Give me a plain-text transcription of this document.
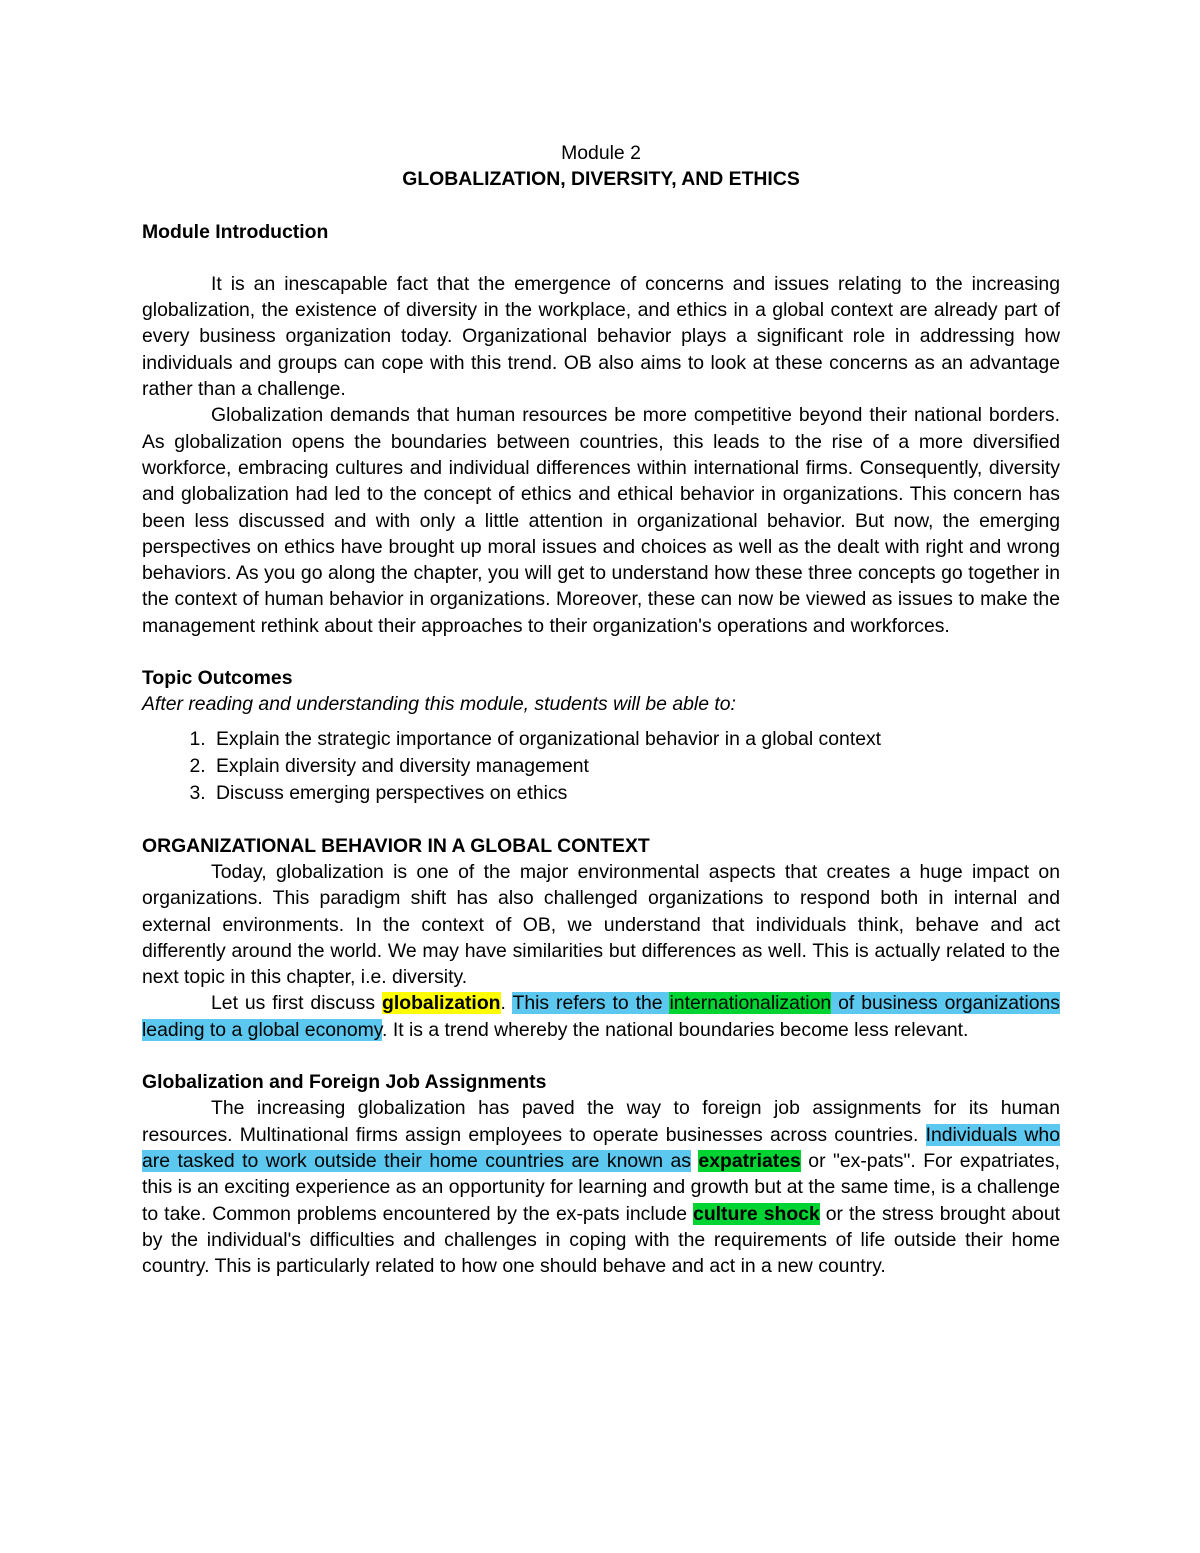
Module 2

GLOBALIZATION, DIVERSITY, AND ETHICS

Module Introduction

It is an inescapable fact that the emergence of concerns and issues relating to the increasing globalization, the existence of diversity in the workplace, and ethics in a global context are already part of every business organization today. Organizational behavior plays a significant role in addressing how individuals and groups can cope with this trend. OB also aims to look at these concerns as an advantage rather than a challenge.

Globalization demands that human resources be more competitive beyond their national borders. As globalization opens the boundaries between countries, this leads to the rise of a more diversified workforce, embracing cultures and individual differences within international firms. Consequently, diversity and globalization had led to the concept of ethics and ethical behavior in organizations. This concern has been less discussed and with only a little attention in organizational behavior. But now, the emerging perspectives on ethics have brought up moral issues and choices as well as the dealt with right and wrong behaviors. As you go along the chapter, you will get to understand how these three concepts go together in the context of human behavior in organizations. Moreover, these can now be viewed as issues to make the management rethink about their approaches to their organization's operations and workforces.

Topic Outcomes

After reading and understanding this module, students will be able to:

1. Explain the strategic importance of organizational behavior in a global context
2. Explain diversity and diversity management
3. Discuss emerging perspectives on ethics

ORGANIZATIONAL BEHAVIOR IN A GLOBAL CONTEXT

Today, globalization is one of the major environmental aspects that creates a huge impact on organizations. This paradigm shift has also challenged organizations to respond both in internal and external environments. In the context of OB, we understand that individuals think, behave and act differently around the world. We may have similarities but differences as well. This is actually related to the next topic in this chapter, i.e. diversity.

Let us first discuss globalization. This refers to the internationalization of business organizations leading to a global economy. It is a trend whereby the national boundaries become less relevant.

Globalization and Foreign Job Assignments

The increasing globalization has paved the way to foreign job assignments for its human resources. Multinational firms assign employees to operate businesses across countries. Individuals who are tasked to work outside their home countries are known as expatriates or "ex-pats". For expatriates, this is an exciting experience as an opportunity for learning and growth but at the same time, is a challenge to take. Common problems encountered by the ex-pats include culture shock or the stress brought about by the individual's difficulties and challenges in coping with the requirements of life outside their home country. This is particularly related to how one should behave and act in a new country.
